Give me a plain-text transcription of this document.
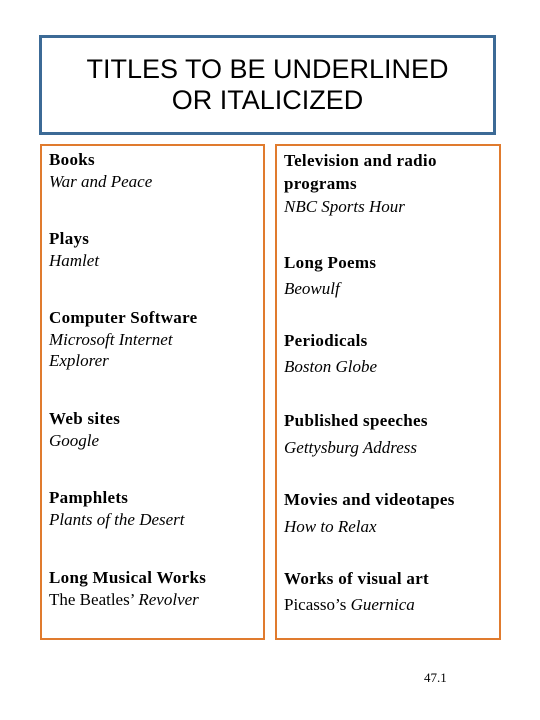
TITLES TO BE UNDERLINED
OR ITALICIZED
Books
War and Peace
Plays
Hamlet
Computer Software
Microsoft Internet
Explorer
Web sites
Google
Pamphlets
Plants of the Desert
Long Musical Works
The Beatles’ Revolver
Television and radio
programs
NBC Sports Hour
Long Poems
Beowulf
Periodicals
Boston Globe
Published speeches
Gettysburg Address
Movies and videotapes
How to Relax
Works of visual art
Picasso’s Guernica
47.1
